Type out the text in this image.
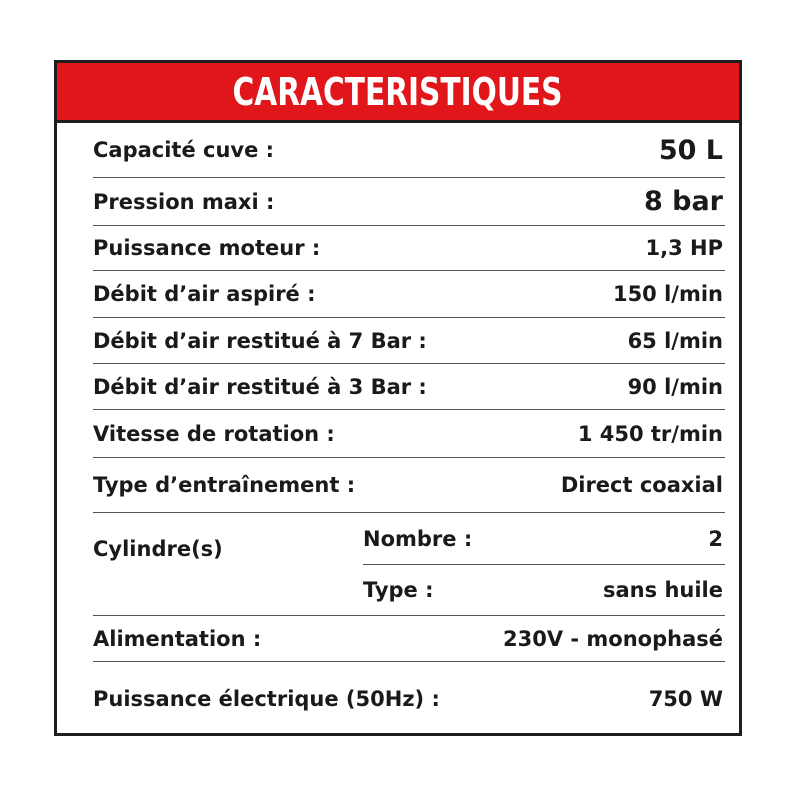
CARACTERISTIQUES
Capacité cuve :	50 L
Pression maxi :	8 bar
Puissance moteur :	1,3 HP
Débit d’air aspiré :	150 l/min
Débit d’air restitué à 7 Bar :	65 l/min
Débit d’air restitué à 3 Bar :	90 l/min
Vitesse de rotation :	1 450 tr/min
Type d’entraînement :	Direct coaxial
Cylindre(s)	Nombre :	2
Type :	sans huile
Alimentation :	230V - monophasé
Puissance électrique (50Hz) :	750 W
